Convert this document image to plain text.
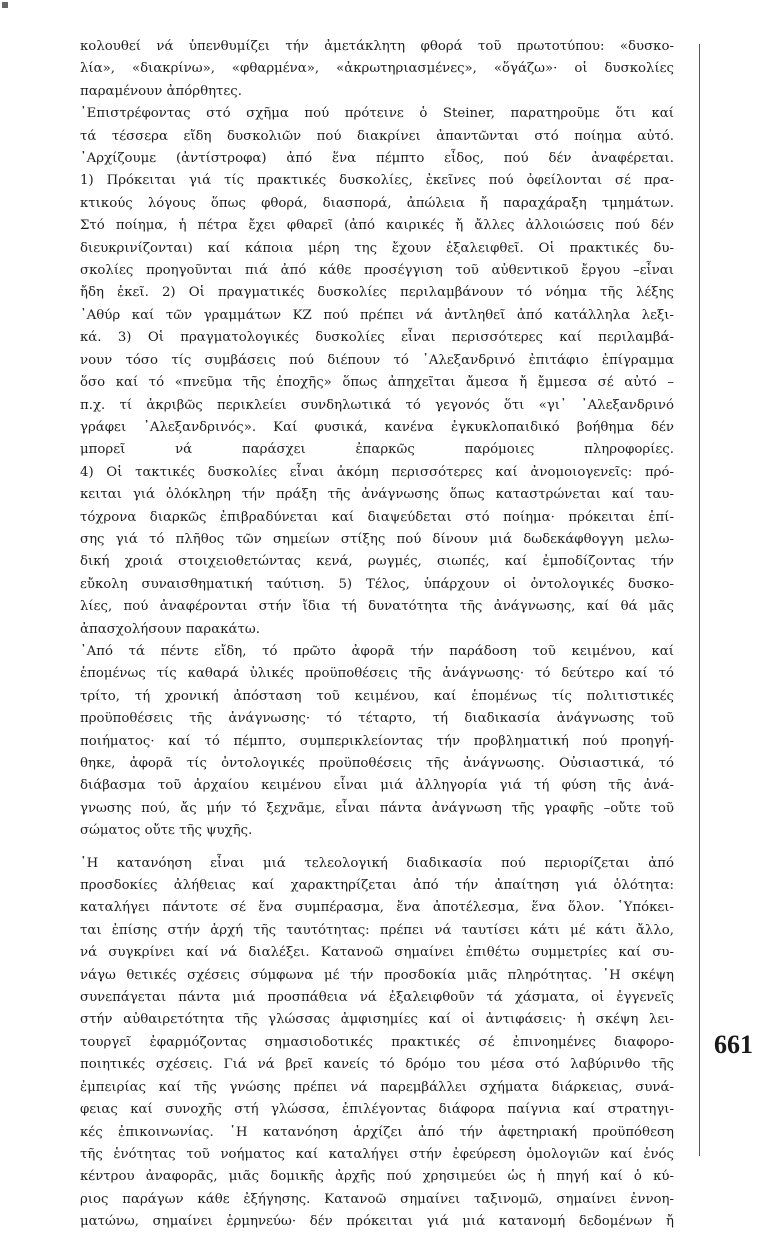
κολουθεί νά ὑπενθυμίζει τήν ἀμετάκλητη φθορά τοῦ πρωτοτύπου: «δυσκο-
λία», «διακρίνω», «φθαρμένα», «ἀκρωτηριασμένες», «ὅγάζω»· οἱ δυσκολίες
παραμένουν ἀπόρθητες.
᾿Επιστρέφοντας στό σχῆμα πού πρότεινε ὁ Steiner, παρατηροῦμε ὅτι καί
τά τέσσερα εἴδη δυσκολιῶν πού διακρίνει ἀπαντῶνται στό ποίημα αὐτό.
᾿Αρχίζουμε (ἀντίστροφα) ἀπό ἕνα πέμπτο εἶδος, πού δέν ἀναφέρεται.
1) Πρόκειται γιά τίς πρακτικές δυσκολίες, ἐκεῖνες πού ὀφείλονται σέ πρα-
κτικούς λόγους ὅπως φθορά, διασπορά, ἀπώλεια ἤ παραχάραξη τμημάτων.
Στό ποίημα, ἡ πέτρα ἔχει φθαρεῖ (ἀπό καιρικές ἤ ἄλλες ἀλλοιώσεις πού δέν
διευκρινίζονται) καί κάποια μέρη της ἔχουν ἐξαλειφθεῖ. Οἱ πρακτικές δυ-
σκολίες προηγοῦνται πιά ἀπό κάθε προσέγγιση τοῦ αὐθεντικοῦ ἔργου –εἶναι
ἤδη ἐκεῖ. 2) Οἱ πραγματικές δυσκολίες περιλαμβάνουν τό νόημα τῆς λέξης
᾿Αθύρ καί τῶν γραμμάτων ΚΖ πού πρέπει νά ἀντληθεῖ ἀπό κατάλληλα λεξι-
κά. 3) Οἱ πραγματολογικές δυσκολίες εἶναι περισσότερες καί περιλαμβά-
νουν τόσο τίς συμβάσεις πού διέπουν τό ᾿Αλεξανδρινό ἐπιτάφιο ἐπίγραμμα
ὅσο καί τό «πνεῦμα τῆς ἐποχῆς» ὅπως ἀπηχεῖται ἄμεσα ἤ ἔμμεσα σέ αὐτό –
π.χ. τί ἀκριβῶς περικλείει συνδηλωτικά τό γεγονός ὅτι «γι᾿ ᾿Αλεξανδρινό
γράφει ᾿Αλεξανδρινός». Καί φυσικά, κανένα ἐγκυκλοπαιδικό βοήθημα δέν
μπορεῖ νά παράσχει ἐπαρκῶς παρόμοιες πληροφορίες.
4) Οἱ τακτικές δυσκολίες εἶναι ἀκόμη περισσότερες καί ἀνομοιογενεῖς: πρό-
κειται γιά ὁλόκληρη τήν πράξη τῆς ἀνάγνωσης ὅπως καταστρώνεται καί ταυ-
τόχρονα διαρκῶς ἐπιβραδύνεται καί διαψεύδεται στό ποίημα· πρόκειται ἐπί-
σης γιά τό πλῆθος τῶν σημείων στίξης πού δίνουν μιά δωδεκάφθογγη μελω-
δική χροιά στοιχειοθετώντας κενά, ρωγμές, σιωπές, καί ἐμποδίζοντας τήν
εὔκολη συναισθηματική ταύτιση. 5) Τέλος, ὑπάρχουν οἱ ὀντολογικές δυσκο-
λίες, πού ἀναφέρονται στήν ἴδια τή δυνατότητα τῆς ἀνάγνωσης, καί θά μᾶς
ἀπασχολήσουν παρακάτω.
᾿Από τά πέντε εἴδη, τό πρῶτο ἀφορᾶ τήν παράδοση τοῦ κειμένου, καί
ἑπομένως τίς καθαρά ὑλικές προϋποθέσεις τῆς ἀνάγνωσης· τό δεύτερο καί τό
τρίτο, τή χρονική ἀπόσταση τοῦ κειμένου, καί ἑπομένως τίς πολιτιστικές
προϋποθέσεις τῆς ἀνάγνωσης· τό τέταρτο, τή διαδικασία ἀνάγνωσης τοῦ
ποιήματος· καί τό πέμπτο, συμπερικλείοντας τήν προβληματική πού προηγή-
θηκε, ἀφορᾶ τίς ὀντολογικές προϋποθέσεις τῆς ἀνάγνωσης. Οὐσιαστικά, τό
διάβασμα τοῦ ἀρχαίου κειμένου εἶναι μιά ἀλληγορία γιά τή φύση τῆς ἀνά-
γνωσης πού, ἄς μήν τό ξεχνᾶμε, εἶναι πάντα ἀνάγνωση τῆς γραφῆς –οὔτε τοῦ
σώματος οὔτε τῆς ψυχῆς.
῾Η κατανόηση εἶναι μιά τελεολογική διαδικασία πού περιορίζεται ἀπό
προσδοκίες ἀλήθειας καί χαρακτηρίζεται ἀπό τήν ἀπαίτηση γιά ὁλότητα:
καταλήγει πάντοτε σέ ἕνα συμπέρασμα, ἕνα ἀποτέλεσμα, ἕνα ὅλον. ῾Υπόκει-
ται ἐπίσης στήν ἀρχή τῆς ταυτότητας: πρέπει νά ταυτίσει κάτι μέ κάτι ἄλλο,
νά συγκρίνει καί νά διαλέξει. Κατανοῶ σημαίνει ἐπιθέτω συμμετρίες καί συ-
νάγω θετικές σχέσεις σύμφωνα μέ τήν προσδοκία μιᾶς πληρότητας. ῾Η σκέψη
συνεπάγεται πάντα μιά προσπάθεια νά ἐξαλειφθοῦν τά χάσματα, οἱ ἐγγενεῖς
στήν αὐθαιρετότητα τῆς γλώσσας ἀμφισημίες καί οἱ ἀντιφάσεις· ἡ σκέψη λει-
τουργεῖ ἐφαρμόζοντας σημασιοδοτικές πρακτικές σέ ἐπινοημένες διαφορο-
ποιητικές σχέσεις. Γιά νά βρεῖ κανείς τό δρόμο του μέσα στό λαβύρινθο τῆς
ἐμπειρίας καί τῆς γνώσης πρέπει νά παρεμβάλλει σχήματα διάρκειας, συνά-
φειας καί συνοχῆς στή γλώσσα, ἐπιλέγοντας διάφορα παίγνια καί στρατηγι-
κές ἐπικοινωνίας. ῾Η κατανόηση ἀρχίζει ἀπό τήν ἀφετηριακή προϋπόθεση
τῆς ἑνότητας τοῦ νοήματος καί καταλήγει στήν ἐφεύρεση ὁμολογιῶν καί ἑνός
κέντρου ἀναφορᾶς, μιᾶς δομικῆς ἀρχῆς πού χρησιμεύει ὡς ἡ πηγή καί ὁ κύ-
ριος παράγων κάθε ἐξήγησης. Κατανοῶ σημαίνει ταξινομῶ, σημαίνει ἐννοη-
ματώνω, σημαίνει ἑρμηνεύω· δέν πρόκειται γιά μιά κατανομή δεδομένων ἤ
661
